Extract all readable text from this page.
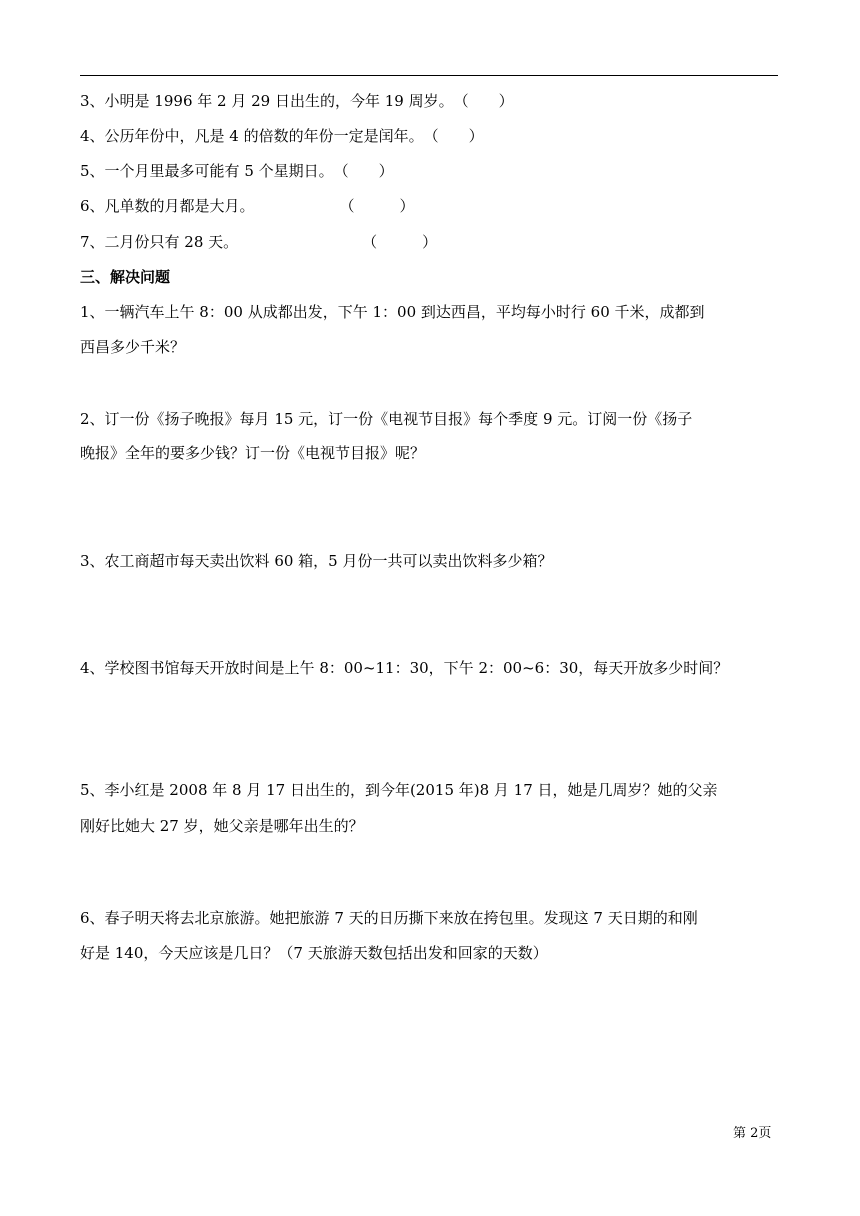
3、小明是 1996 年 2 月 29 日出生的，今年 19 周岁。（　　）
4、公历年份中，凡是 4 的倍数的年份一定是闰年。（　　）
5、一个月里最多可能有 5 个星期日。（　　）
6、凡单数的月都是大月。	（　　　）
7、二月份只有 28 天。	（　　　）
三、解决问题
1、一辆汽车上午 8：00 从成都出发，下午 1：00 到达西昌，平均每小时行 60 千米，成都到
西昌多少千米？
2、订一份《扬子晚报》每月 15 元，订一份《电视节目报》每个季度 9 元。订阅一份《扬子
晚报》全年的要多少钱？订一份《电视节目报》呢？
3、农工商超市每天卖出饮料 60 箱，5 月份一共可以卖出饮料多少箱？
4、学校图书馆每天开放时间是上午 8：00~11：30，下午 2：00~6：30，每天开放多少时间？
5、李小红是 2008 年 8 月 17 日出生的，到今年(2015 年)8 月 17 日，她是几周岁？她的父亲
刚好比她大 27 岁，她父亲是哪年出生的？
6、春子明天将去北京旅游。她把旅游 7 天的日历撕下来放在挎包里。发现这 7 天日期的和刚
好是 140，今天应该是几日？（7 天旅游天数包括出发和回家的天数）
第 2页
